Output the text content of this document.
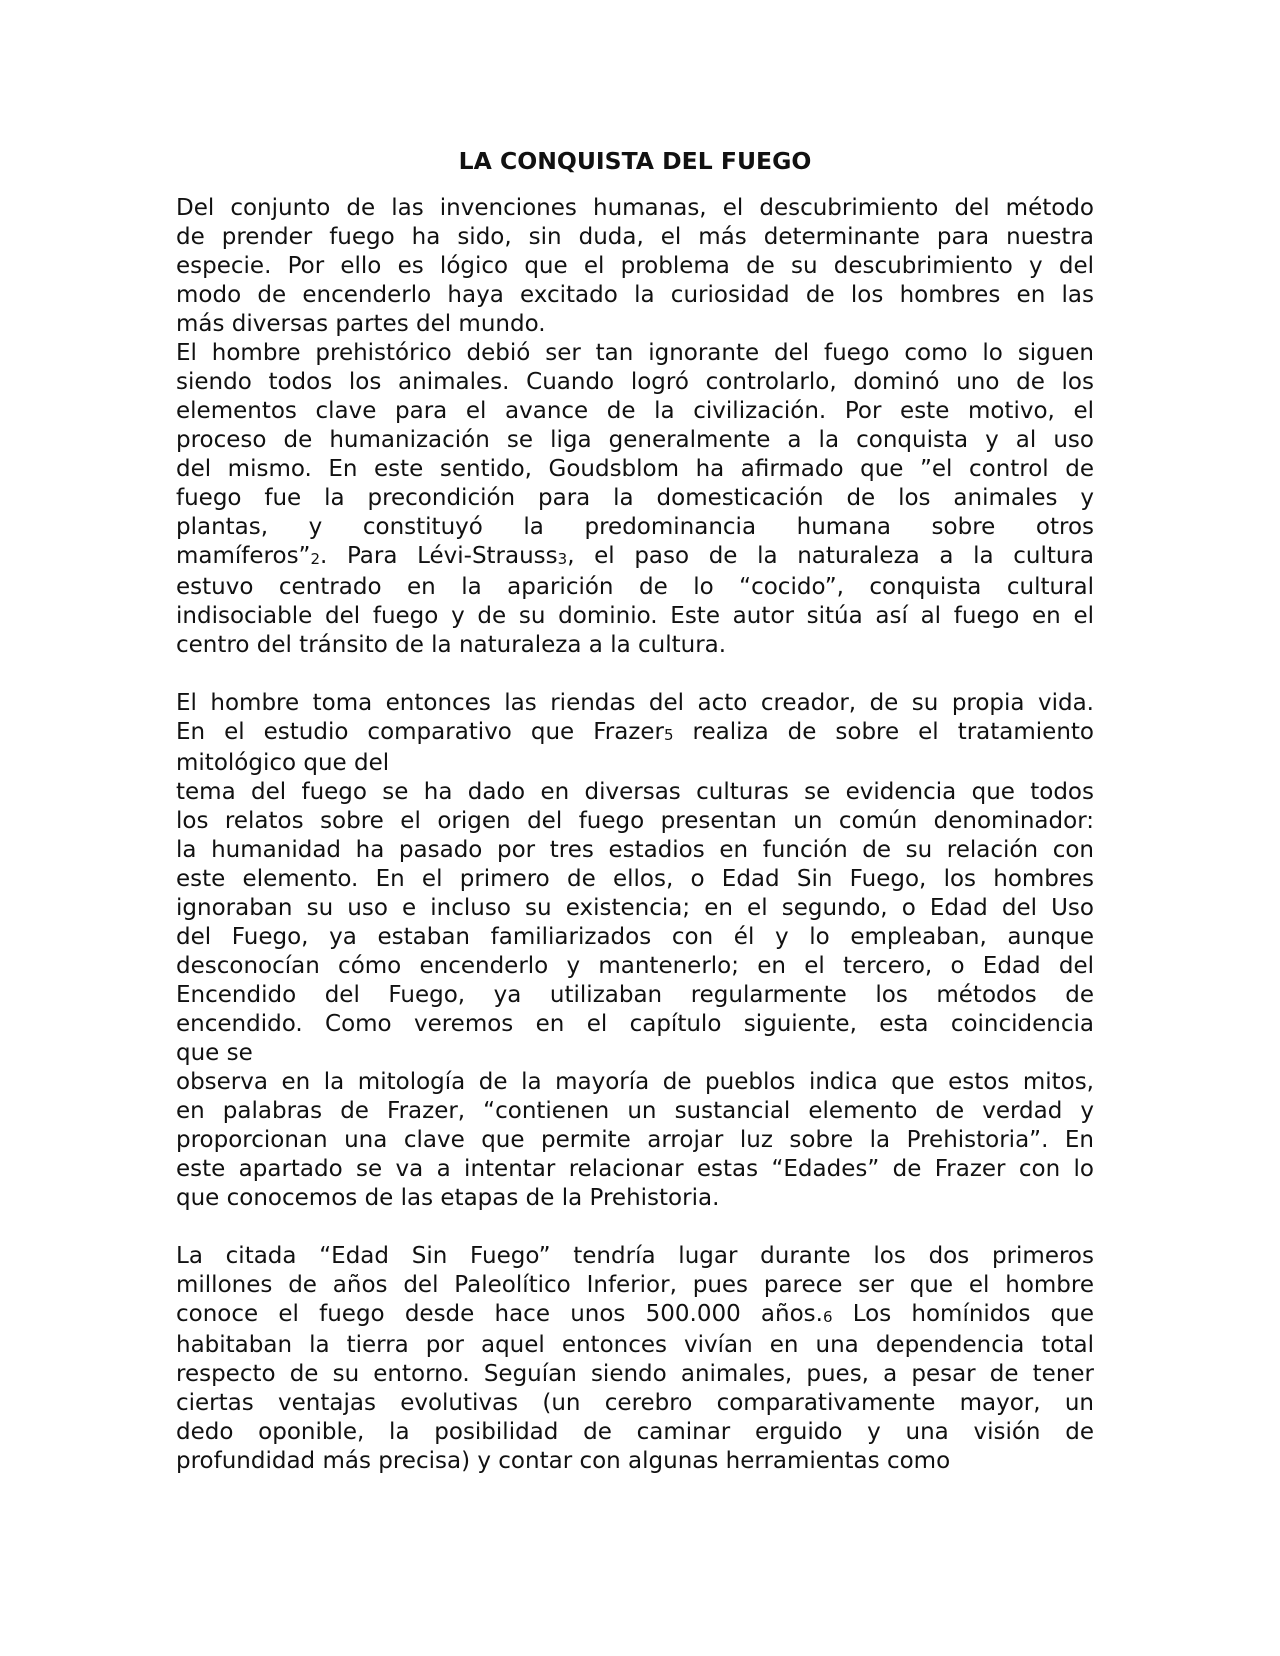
LA CONQUISTA DEL FUEGO
Del conjunto de las invenciones humanas, el descubrimiento del método
de prender fuego ha sido, sin duda, el más determinante para nuestra
especie. Por ello es lógico que el problema de su descubrimiento y del
modo de encenderlo haya excitado la curiosidad de los hombres en las
más diversas partes del mundo.
El hombre prehistórico debió ser tan ignorante del fuego como lo siguen
siendo todos los animales. Cuando logró controlarlo, dominó uno de los
elementos clave para el avance de la civilización. Por este motivo, el
proceso de humanización se liga generalmente a la conquista y al uso
del mismo. En este sentido, Goudsblom ha afirmado que ”el control de
fuego fue la precondición para la domesticación de los animales y
plantas, y constituyó la predominancia humana sobre otros
$mamíferos”_2$. Para Lévi-Strauss$_3$, el paso de la naturaleza a la cultura
estuvo centrado en la aparición de lo “cocido”, conquista cultural
indisociable del fuego y de su dominio. Este autor sitúa así al fuego en el
centro del tránsito de la naturaleza a la cultura.
El hombre toma entonces las riendas del acto creador, de su propia vida.
En el estudio comparativo que Frazer$_5$ realiza de sobre el tratamiento
mitológico que del
tema del fuego se ha dado en diversas culturas se evidencia que todos
los relatos sobre el origen del fuego presentan un común denominador:
la humanidad ha pasado por tres estadios en función de su relación con
este elemento. En el primero de ellos, o Edad Sin Fuego, los hombres
ignoraban su uso e incluso su existencia; en el segundo, o Edad del Uso
del Fuego, ya estaban familiarizados con él y lo empleaban, aunque
desconocían cómo encenderlo y mantenerlo; en el tercero, o Edad del
Encendido del Fuego, ya utilizaban regularmente los métodos de
encendido. Como veremos en el capítulo siguiente, esta coincidencia
que se
observa en la mitología de la mayoría de pueblos indica que estos mitos,
en palabras de Frazer, “contienen un sustancial elemento de verdad y
proporcionan una clave que permite arrojar luz sobre la Prehistoria”. En
este apartado se va a intentar relacionar estas “Edades” de Frazer con lo
que conocemos de las etapas de la Prehistoria.
La citada “Edad Sin Fuego” tendría lugar durante los dos primeros
millones de años del Paleolítico Inferior, pues parece ser que el hombre
conoce el fuego desde hace unos 500.000 $años._6$ Los homínidos que
habitaban la tierra por aquel entonces vivían en una dependencia total
respecto de su entorno. Seguían siendo animales, pues, a pesar de tener
ciertas ventajas evolutivas (un cerebro comparativamente mayor, un
dedo oponible, la posibilidad de caminar erguido y una visión de
profundidad más precisa) y contar con algunas herramientas como
